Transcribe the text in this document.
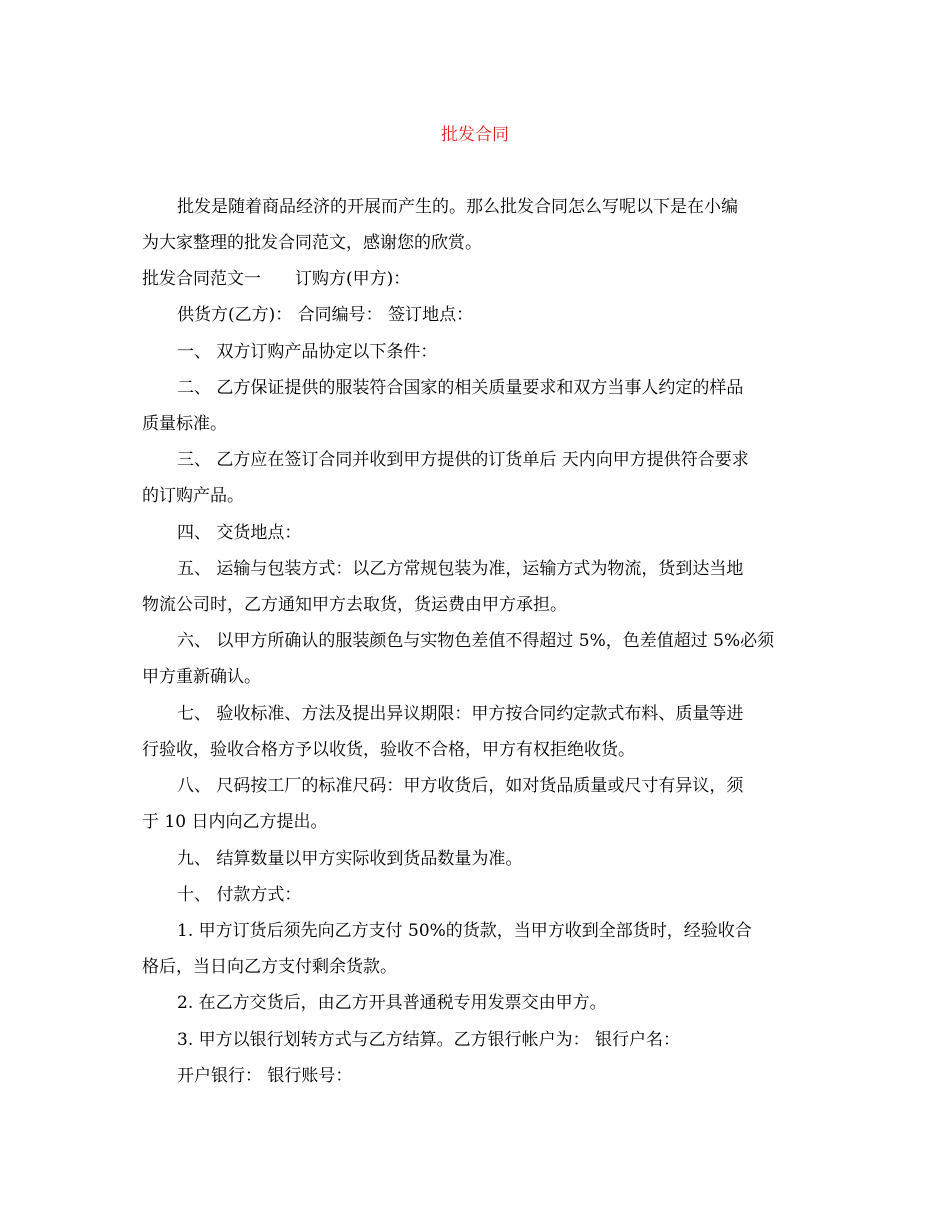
批发合同
批发是随着商品经济的开展而产生的。那么批发合同怎么写呢以下是在小编
为大家整理的批发合同范文，感谢您的欣赏。
批发合同范文一　　订购方(甲方)：
供货方(乙方)： 合同编号： 签订地点：
一、 双方订购产品协定以下条件：
二、 乙方保证提供的服装符合国家的相关质量要求和双方当事人约定的样品
质量标准。
三、 乙方应在签订合同并收到甲方提供的订货单后 天内向甲方提供符合要求
的订购产品。
四、 交货地点：
五、 运输与包装方式：以乙方常规包装为准，运输方式为物流，货到达当地
物流公司时，乙方通知甲方去取货，货运费由甲方承担。
六、 以甲方所确认的服装颜色与实物色差值不得超过 5%，色差值超过 5%必须
甲方重新确认。
七、 验收标准、方法及提出异议期限：甲方按合同约定款式布料、质量等进
行验收，验收合格方予以收货，验收不合格，甲方有权拒绝收货。
八、 尺码按工厂的标准尺码：甲方收货后，如对货品质量或尺寸有异议，须
于 10 日内向乙方提出。
九、 结算数量以甲方实际收到货品数量为准。
十、 付款方式：
1. 甲方订货后须先向乙方支付 50%的货款，当甲方收到全部货时，经验收合
格后，当日向乙方支付剩余货款。
2. 在乙方交货后，由乙方开具普通税专用发票交由甲方。
3. 甲方以银行划转方式与乙方结算。乙方银行帐户为： 银行户名：
开户银行： 银行账号：
